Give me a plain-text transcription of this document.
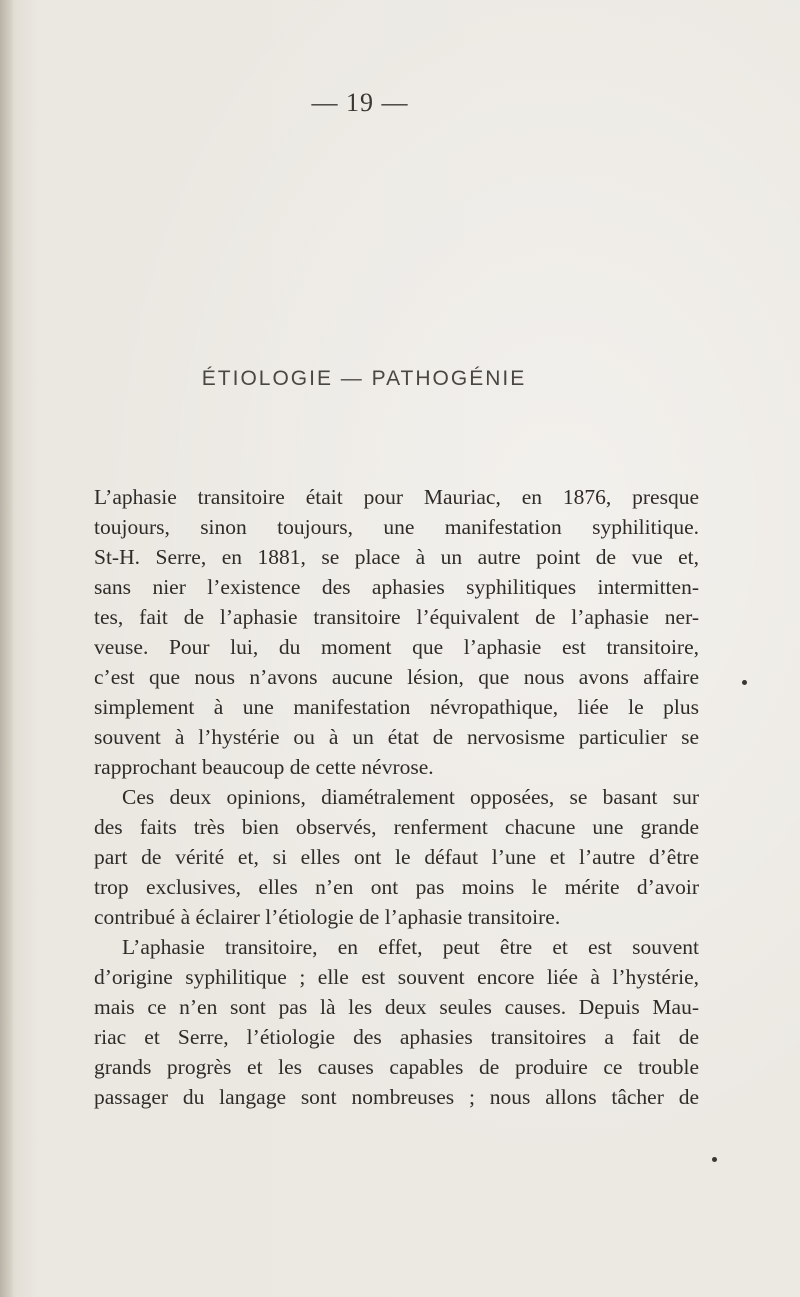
— 19 —
ÉTIOLOGIE — PATHOGÉNIE
L’aphasie transitoire était pour Mauriac, en 1876, presque
toujours, sinon toujours, une manifestation syphilitique.
St-H. Serre, en 1881, se place à un autre point de vue et,
sans nier l’existence des aphasies syphilitiques intermitten-
tes, fait de l’aphasie transitoire l’équivalent de l’aphasie ner-
veuse. Pour lui, du moment que l’aphasie est transitoire,
c’est que nous n’avons aucune lésion, que nous avons affaire
simplement à une manifestation névropathique, liée le plus
souvent à l’hystérie ou à un état de nervosisme particulier se
rapprochant beaucoup de cette névrose.
Ces deux opinions, diamétralement opposées, se basant sur
des faits très bien observés, renferment chacune une grande
part de vérité et, si elles ont le défaut l’une et l’autre d’être
trop exclusives, elles n’en ont pas moins le mérite d’avoir
contribué à éclairer l’étiologie de l’aphasie transitoire.
L’aphasie transitoire, en effet, peut être et est souvent
d’origine syphilitique ; elle est souvent encore liée à l’hystérie,
mais ce n’en sont pas là les deux seules causes. Depuis Mau-
riac et Serre, l’étiologie des aphasies transitoires a fait de
grands progrès et les causes capables de produire ce trouble
passager du langage sont nombreuses ; nous allons tâcher de
